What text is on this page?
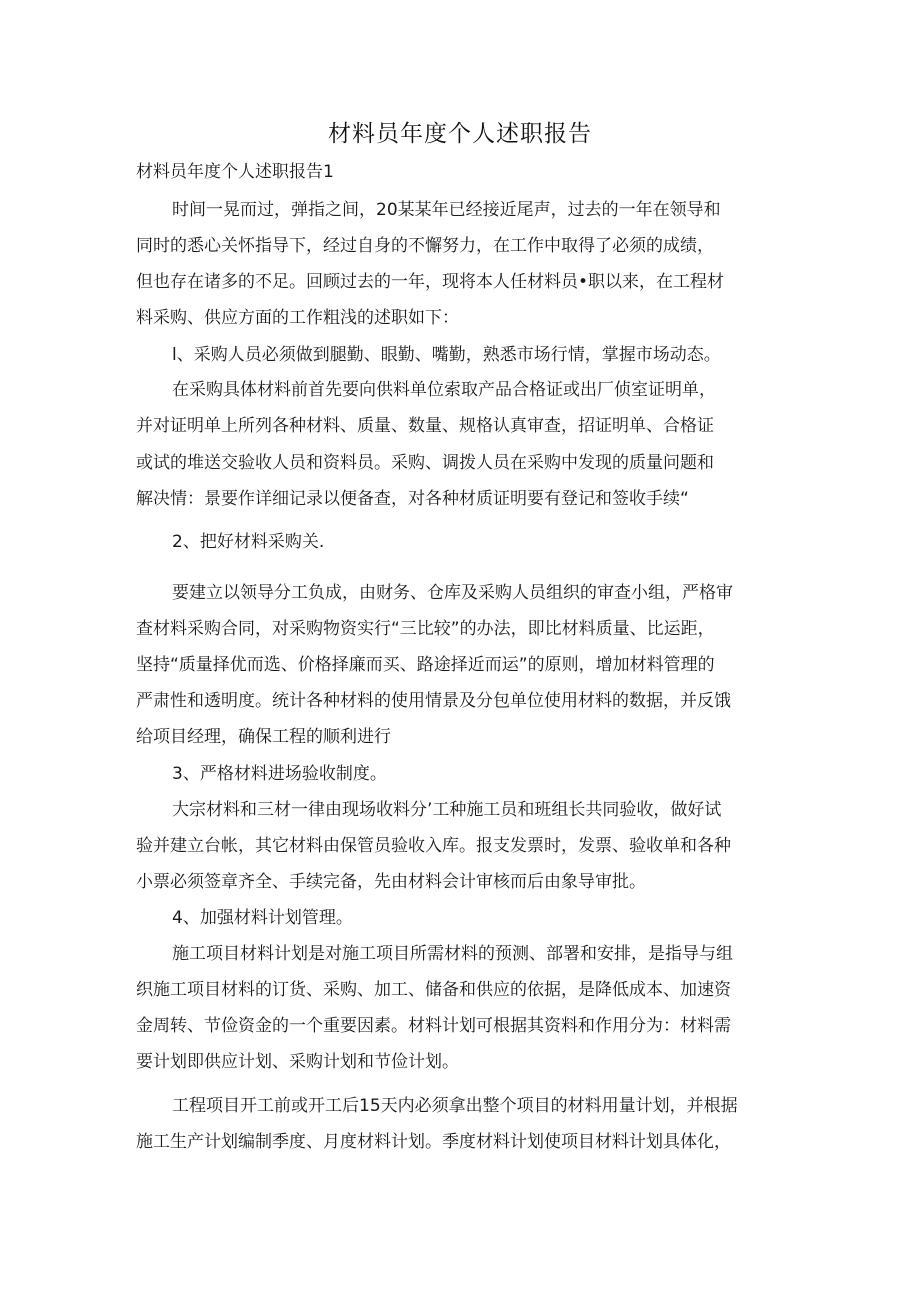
材料员年度个人述职报告
材料员年度个人述职报告1
时间一晃而过，弹指之间，20某某年已经接近尾声，过去的一年在领导和
同时的悉心关怀指导下，经过自身的不懈努力，在工作中取得了必须的成绩，
但也存在诸多的不足。回顾过去的一年，现将本人任材料员•职以来，在工程材
料采购、供应方面的工作粗浅的述职如下：
l、采购人员必须做到腿勤、眼勤、嘴勤，熟悉市场行情，掌握市场动态。
在采购具体材料前首先要向供料单位索取产品合格证或出厂侦室证明单，
并对证明单上所列各种材料、质量、数量、规格认真审查，招证明单、合格证
或试的堆送交验收人员和资料员。采购、调拨人员在采购中发现的质量问题和
解决情：景要作详细记录以便备查，对各种材质证明要有登记和签收手续“
2、把好材料采购关.
要建立以领导分工负成，由财务、仓库及采购人员组织的审查小组，严格审
查材料采购合同，对采购物资实行“三比较”的办法，即比材料质量、比运距，
坚持“质量择优而选、价格择廉而买、路途择近而运”的原则，增加材料管理的
严肃性和透明度。统计各种材料的使用情景及分包单位使用材料的数据，并反饿
给项目经理，确保工程的顺利进行
3、严格材料进场验收制度。
大宗材料和三材一律由现场收料分’工种施工员和班组长共同验收，做好试
验并建立台帐，其它材料由保管员验收入库。报支发票时，发票、验收单和各种
小票必须签章齐全、手续完备，先由材料会计审核而后由象导审批。
4、加强材料计划管理。
施工项目材料计划是对施工项目所需材料的预测、部署和安排，是指导与组
织施工项目材料的订货、采购、加工、储备和供应的依据，是降低成本、加速资
金周转、节俭资金的一个重要因素。材料计划可根据其资料和作用分为：材料需
要计划即供应计划、采购计划和节俭计划。
工程项目开工前或开工后15天内必须拿出整个项目的材料用量计划，并根据
施工生产计划编制季度、月度材料计划。季度材料计划使项目材料计划具体化，
